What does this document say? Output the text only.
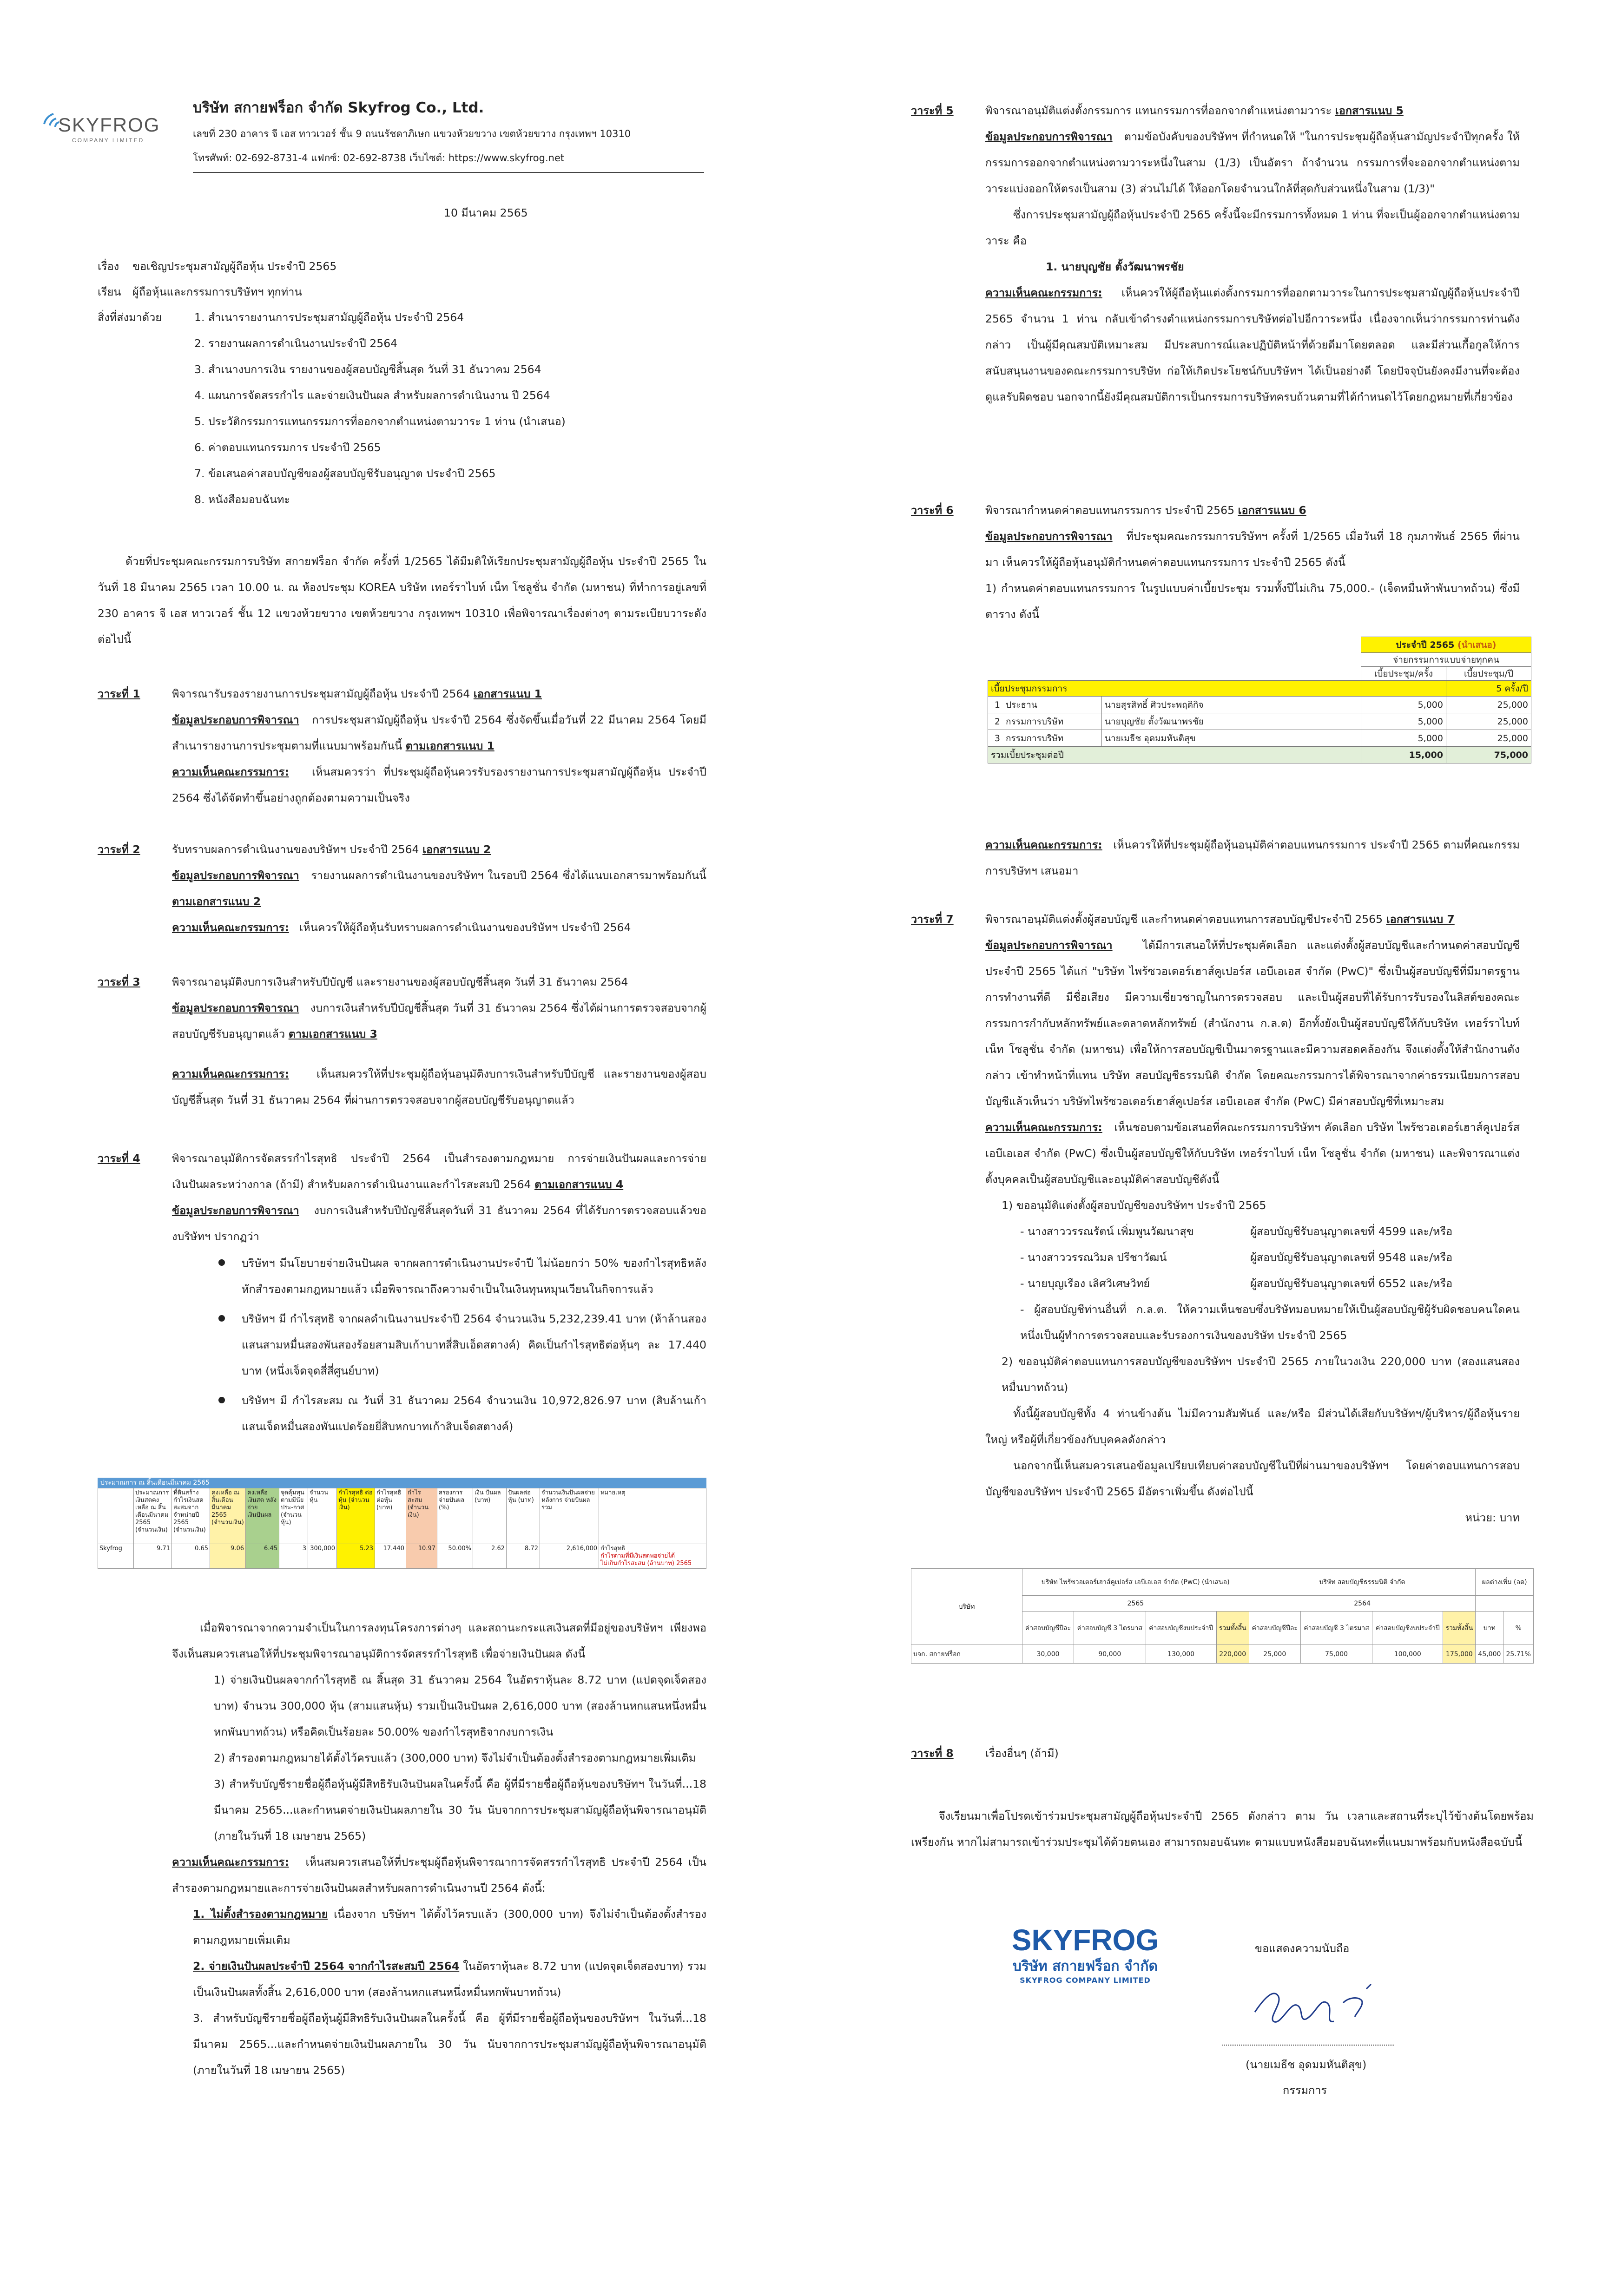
SKYFROG
COMPANY LIMITED
บริษัท สกายฟร็อก จำกัด Skyfrog Co., Ltd.
เลขที่ 230 อาคาร จี เอส ทาวเวอร์ ชั้น 9 ถนนรัชดาภิเษก แขวงห้วยขวาง เขตห้วยขวาง กรุงเทพฯ 10310
โทรศัพท์: 02-692-8731-4 แฟกซ์: 02-692-8738 เว็บไซต์: https://www.skyfrog.net
10 มีนาคม 2565
เรื่อง ขอเชิญประชุมสามัญผู้ถือหุ้น ประจำปี 2565
เรียน ผู้ถือหุ้นและกรรมการบริษัทฯ ทุกท่าน
สิ่งที่ส่งมาด้วย	1. สำเนารายงานการประชุมสามัญผู้ถือหุ้น ประจำปี 2564

2. รายงานผลการดำเนินงานประจำปี 2564

3. สำเนางบการเงิน รายงานของผู้สอบบัญชีสิ้นสุด วันที่ 31 ธันวาคม 2564

4. แผนการจัดสรรกำไร และจ่ายเงินปันผล สำหรับผลการดำเนินงาน ปี 2564

5. ประวัติกรรมการแทนกรรมการที่ออกจากตำแหน่งตามวาระ 1 ท่าน (นำเสนอ)

6. ค่าตอบแทนกรรมการ ประจำปี 2565

7. ข้อเสนอค่าสอบบัญชีของผู้สอบบัญชีรับอนุญาต ประจำปี 2565

8. หนังสือมอบฉันทะ

ด้วยที่ประชุมคณะกรรมการบริษัท สกายฟร็อก จำกัด ครั้งที่ 1/2565 ได้มีมติให้เรียกประชุมสามัญผู้ถือหุ้น ประจำปี 2565 ในวันที่ 18 มีนาคม 2565 เวลา 10.00 น. ณ ห้องประชุม KOREA บริษัท เทอร์ราไบท์ เน็ท โซลูชั่น จำกัด (มหาชน) ที่ทำการอยู่เลขที่ 230 อาคาร จี เอส ทาวเวอร์ ชั้น 12 แขวงห้วยขวาง เขตห้วยขวาง กรุงเทพฯ 10310 เพื่อพิจารณาเรื่องต่างๆ ตามระเบียบวาระดังต่อไปนี้

วาระที่ 1	พิจารณารับรองรายงานการประชุมสามัญผู้ถือหุ้น ประจำปี 2564 เอกสารแนบ 1

ข้อมูลประกอบการพิจารณา การประชุมสามัญผู้ถือหุ้น ประจำปี 2564 ซึ่งจัดขึ้นเมื่อวันที่ 22 มีนาคม 2564 โดยมีสำเนารายงานการประชุมตามที่แนบมาพร้อมกันนี้ ตามเอกสารแนบ 1

ความเห็นคณะกรรมการ: เห็นสมควรว่า ที่ประชุมผู้ถือหุ้นควรรับรองรายงานการประชุมสามัญผู้ถือหุ้น ประจำปี 2564 ซึ่งได้จัดทำขึ้นอย่างถูกต้องตามความเป็นจริง

วาระที่ 2	รับทราบผลการดำเนินงานของบริษัทฯ ประจำปี 2564 เอกสารแนบ 2

ข้อมูลประกอบการพิจารณา รายงานผลการดำเนินงานของบริษัทฯ ในรอบปี 2564 ซึ่งได้แนบเอกสารมาพร้อมกันนี้ ตามเอกสารแนบ 2

ความเห็นคณะกรรมการ: เห็นควรให้ผู้ถือหุ้นรับทราบผลการดำเนินงานของบริษัทฯ ประจำปี 2564

วาระที่ 3	พิจารณาอนุมัติงบการเงินสำหรับปีบัญชี และรายงานของผู้สอบบัญชีสิ้นสุด วันที่ 31 ธันวาคม 2564

ข้อมูลประกอบการพิจารณา งบการเงินสำหรับปีบัญชีสิ้นสุด วันที่ 31 ธันวาคม 2564 ซึ่งได้ผ่านการตรวจสอบจากผู้สอบบัญชีรับอนุญาตแล้ว ตามเอกสารแนบ 3

ความเห็นคณะกรรมการ:	เห็นสมควรให้ที่ประชุมผู้ถือหุ้นอนุมัติงบการเงินสำหรับปีบัญชี และรายงานของผู้สอบบัญชีสิ้นสุด วันที่ 31 ธันวาคม 2564 ที่ผ่านการตรวจสอบจากผู้สอบบัญชีรับอนุญาตแล้ว

วาระที่ 4	พิจารณาอนุมัติการจัดสรรกำไรสุทธิ ประจำปี 2564 เป็นสำรองตามกฎหมาย การจ่ายเงินปันผลและการจ่ายเงินปันผลระหว่างกาล (ถ้ามี) สำหรับผลการดำเนินงานและกำไรสะสมปี 2564 ตามเอกสารแนบ 4

ข้อมูลประกอบการพิจารณา งบการเงินสำหรับปีบัญชีสิ้นสุดวันที่ 31 ธันวาคม 2564 ที่ได้รับการตรวจสอบแล้วของบริษัทฯ ปรากฏว่า

บริษัทฯ มีนโยบายจ่ายเงินปันผล จากผลการดำเนินงานประจำปี ไม่น้อยกว่า 50% ของกำไรสุทธิหลังหักสำรองตามกฎหมายแล้ว เมื่อพิจารณาถึงความจำเป็นในเงินทุนหมุนเวียนในกิจการแล้ว

บริษัทฯ มี กำไรสุทธิ จากผลดำเนินงานประจำปี 2564 จำนวนเงิน 5,232,239.41 บาท (ห้าล้านสองแสนสามหมื่นสองพันสองร้อยสามสิบเก้าบาทสี่สิบเอ็ดสตางค์) คิดเป็นกำไรสุทธิต่อหุ้นๆ ละ 17.440 บาท (หนึ่งเจ็ดจุดสี่สี่ศูนย์บาท)

บริษัทฯ มี กำไรสะสม ณ วันที่ 31 ธันวาคม 2564 จำนวนเงิน 10,972,826.97 บาท (สิบล้านเก้าแสนเจ็ดหมื่นสองพันแปดร้อยยี่สิบหกบาทเก้าสิบเจ็ดสตางค์)

ประมาณการ ณ สิ้นเดือนมีนาคม 2565
	ประมาณการเงินสดคงเหลือ ณ สิ้นเดือนมีนาคม 2565 (จำนวนเงิน)	ที่ดินสร้างกำไรเงินสดสะสมจากจำหน่ายปี 2565 (จำนวนเงิน)	คงเหลือ ณ สิ้นเดือนมีนาคม 2565 (จำนวนเงิน)	คงเหลือเงินสด หลังจ่ายเงินปันผล	จุดคุ้มทุน ตามมีนัย ประ-กาศ (จำนวน หุ้น)	จำนวนหุ้น	กำไรสุทธิ ต่อหุ้น (จำนวนเงิน)	กำไรสุทธิ ต่อหุ้น (บาท)	กำไร สะสม (จำนวนเงิน)	สรองการ จ่ายปันผล (%)	เงิน ปันผล (บาท)	ปันผลต่อ หุ้น (บาท)	จำนวนเงินปันผลจ่ายหลังการ จ่ายปันผลรวม	หมายเหตุ
Skyfrog	9.71	0.65	9.06	6.45	3	300,000	5.23	17.440	10.97	50.00%	2.62	8.72	2,616,000	กำไรสุทธิ
กำไรตามที่มีเงินสดพอจ่ายได้
ไม่เกินกำไรสะสม (ล้านบาท) 2565

เมื่อพิจารณาจากความจำเป็นในการลงทุนโครงการต่างๆ และสถานะกระแสเงินสดที่มีอยู่ของบริษัทฯ เพียงพอจึงเห็นสมควรเสนอให้ที่ประชุมพิจารณาอนุมัติการจัดสรรกำไรสุทธิ เพื่อจ่ายเงินปันผล ดังนี้

1) จ่ายเงินปันผลจากกำไรสุทธิ ณ สิ้นสุด 31 ธันวาคม 2564 ในอัตราหุ้นละ 8.72 บาท (แปดจุดเจ็ดสองบาท) จำนวน 300,000 หุ้น (สามแสนหุ้น) รวมเป็นเงินปันผล 2,616,000 บาท (สองล้านหกแสนหนึ่งหมื่นหกพันบาทถ้วน) หรือคิดเป็นร้อยละ 50.00% ของกำไรสุทธิจากงบการเงิน

2) สำรองตามกฎหมายได้ตั้งไว้ครบแล้ว (300,000 บาท) จึงไม่จำเป็นต้องตั้งสำรองตามกฎหมายเพิ่มเติม

3) สำหรับบัญชีรายชื่อผู้ถือหุ้นผู้มีสิทธิรับเงินปันผลในครั้งนี้ คือ ผู้ที่มีรายชื่อผู้ถือหุ้นของบริษัทฯ ในวันที่...18 มีนาคม 2565...และกำหนดจ่ายเงินปันผลภายใน 30 วัน นับจากการประชุมสามัญผู้ถือหุ้นพิจารณาอนุมัติ (ภายในวันที่ 18 เมษายน 2565)

ความเห็นคณะกรรมการ: เห็นสมควรเสนอให้ที่ประชุมผู้ถือหุ้นพิจารณาการจัดสรรกำไรสุทธิ ประจำปี 2564 เป็นสำรองตามกฎหมายและการจ่ายเงินปันผลสำหรับผลการดำเนินงานปี 2564 ดังนี้:

1. ไม่ตั้งสำรองตามกฎหมาย เนื่องจาก บริษัทฯ ได้ตั้งไว้ครบแล้ว (300,000 บาท) จึงไม่จำเป็นต้องตั้งสำรองตามกฎหมายเพิ่มเติม

2. จ่ายเงินปันผลประจำปี 2564 จากกำไรสะสมปี 2564 ในอัตราหุ้นละ 8.72 บาท (แปดจุดเจ็ดสองบาท) รวมเป็นเงินปันผลทั้งสิ้น 2,616,000 บาท (สองล้านหกแสนหนึ่งหมื่นหกพันบาทถ้วน)

3. สำหรับบัญชีรายชื่อผู้ถือหุ้นผู้มีสิทธิรับเงินปันผลในครั้งนี้ คือ ผู้ที่มีรายชื่อผู้ถือหุ้นของบริษัทฯ ในวันที่...18 มีนาคม 2565...และกำหนดจ่ายเงินปันผลภายใน 30 วัน นับจากการประชุมสามัญผู้ถือหุ้นพิจารณาอนุมัติ (ภายในวันที่ 18 เมษายน 2565)

วาระที่ 5	พิจารณาอนุมัติแต่งตั้งกรรมการ แทนกรรมการที่ออกจากตำแหน่งตามวาระ เอกสารแนบ 5

ข้อมูลประกอบการพิจารณา ตามข้อบังคับของบริษัทฯ ที่กำหนดให้ "ในการประชุมผู้ถือหุ้นสามัญประจำปีทุกครั้ง ให้กรรมการออกจากตำแหน่งตามวาระหนึ่งในสาม (1/3) เป็นอัตรา ถ้าจำนวน กรรมการที่จะออกจากตำแหน่งตามวาระแบ่งออกให้ตรงเป็นสาม (3) ส่วนไม่ได้ ให้ออกโดยจำนวนใกล้ที่สุดกับส่วนหนึ่งในสาม (1/3)"

ซึ่งการประชุมสามัญผู้ถือหุ้นประจำปี 2565 ครั้งนี้จะมีกรรมการทั้งหมด 1 ท่าน ที่จะเป็นผู้ออกจากตำแหน่งตามวาระ คือ

1. นายบุญชัย ตั้งวัฒนาพรชัย

ความเห็นคณะกรรมการ: เห็นควรให้ผู้ถือหุ้นแต่งตั้งกรรมการที่ออกตามวาระในการประชุมสามัญผู้ถือหุ้นประจำปี 2565 จำนวน 1 ท่าน กลับเข้าดำรงตำแหน่งกรรมการบริษัทต่อไปอีกวาระหนึ่ง เนื่องจากเห็นว่ากรรมการท่านดังกล่าว เป็นผู้มีคุณสมบัติเหมาะสม มีประสบการณ์และปฏิบัติหน้าที่ด้วยดีมาโดยตลอด และมีส่วนเกื้อกูลให้การสนับสนุนงานของคณะกรรมการบริษัท ก่อให้เกิดประโยชน์กับบริษัทฯ ได้เป็นอย่างดี โดยปัจจุบันยังคงมีงานที่จะต้องดูแลรับผิดชอบ นอกจากนี้ยังมีคุณสมบัติการเป็นกรรมการบริษัทครบถ้วนตามที่ได้กำหนดไว้โดยกฎหมายที่เกี่ยวข้อง

วาระที่ 6	พิจารณากำหนดค่าตอบแทนกรรมการ ประจำปี 2565 เอกสารแนบ 6

ข้อมูลประกอบการพิจารณา ที่ประชุมคณะกรรมการบริษัทฯ ครั้งที่ 1/2565 เมื่อวันที่ 18 กุมภาพันธ์ 2565 ที่ผ่านมา เห็นควรให้ผู้ถือหุ้นอนุมัติกำหนดค่าตอบแทนกรรมการ ประจำปี 2565 ดังนี้

1) กำหนดค่าตอบแทนกรรมการ ในรูปแบบค่าเบี้ยประชุม รวมทั้งปีไม่เกิน 75,000.- (เจ็ดหมื่นห้าพันบาทถ้วน) ซึ่งมีตาราง ดังนี้

			ประจำปี 2565 (นำเสนอ)	
			จ่ายกรรมการแบบจ่ายทุกคน	
			เบี้ยประชุม/ครั้ง	เบี้ยประชุม/ปี
เบี้ยประชุมกรรมการ				5 ครั้ง/ปี
1	ประธาน	นายสุรสิทธิ์ ศิวประพฤติกิจ	5,000	25,000
2	กรรมการบริษัท	นายบุญชัย ตั้งวัฒนาพรชัย	5,000	25,000
3	กรรมการบริษัท	นายเมธีช อุดมมหันติสุข	5,000	25,000
รวมเบี้ยประชุมต่อปี			15,000	75,000

ความเห็นคณะกรรมการ: เห็นควรให้ที่ประชุมผู้ถือหุ้นอนุมัติค่าตอบแทนกรรมการ ประจำปี 2565 ตามที่คณะกรรมการบริษัทฯ เสนอมา

วาระที่ 7	พิจารณาอนุมัติแต่งตั้งผู้สอบบัญชี และกำหนดค่าตอบแทนการสอบบัญชีประจำปี 2565 เอกสารแนบ 7

ข้อมูลประกอบการพิจารณา	ได้มีการเสนอให้ที่ประชุมคัดเลือก และแต่งตั้งผู้สอบบัญชีและกำหนดค่าสอบบัญชี ประจำปี 2565 ได้แก่ "บริษัท ไพร้ซวอเตอร์เฮาส์คูเปอร์ส เอบีเอเอส จำกัด (PwC)" ซึ่งเป็นผู้สอบบัญชีที่มีมาตรฐานการทำงานที่ดี มีชื่อเสียง มีความเชี่ยวชาญในการตรวจสอบ และเป็นผู้สอบที่ได้รับการรับรองในลิสต์ของคณะกรรมการกำกับหลักทรัพย์และตลาดหลักทรัพย์ (สำนักงาน ก.ล.ต) อีกทั้งยังเป็นผู้สอบบัญชีให้กับบริษัท เทอร์ราไบท์ เน็ท โซลูชั่น จำกัด (มหาชน) เพื่อให้การสอบบัญชีเป็นมาตรฐานและมีความสอดคล้องกัน จึงแต่งตั้งให้สำนักงานดังกล่าว เข้าทำหน้าที่แทน บริษัท สอบบัญชีธรรมนิติ จำกัด โดยคณะกรรมการได้พิจารณาจากค่าธรรมเนียมการสอบบัญชีแล้วเห็นว่า บริษัทไพร้ซวอเตอร์เฮาส์คูเปอร์ส เอบีเอเอส จำกัด (PwC) มีค่าสอบบัญชีที่เหมาะสม

ความเห็นคณะกรรมการ: เห็นชอบตามข้อเสนอที่คณะกรรมการบริษัทฯ คัดเลือก บริษัท ไพร้ซวอเตอร์เฮาส์คูเปอร์ส เอบีเอเอส จำกัด (PwC) ซึ่งเป็นผู้สอบบัญชีให้กับบริษัท เทอร์ราไบท์ เน็ท โซลูชั่น จำกัด (มหาชน) และพิจารณาแต่งตั้งบุคคลเป็นผู้สอบบัญชีและอนุมัติค่าสอบบัญชีดังนี้

1) ขออนุมัติแต่งตั้งผู้สอบบัญชีของบริษัทฯ ประจำปี 2565

- นางสาววรรณรัตน์ เพิ่มพูนวัฒนาสุข	ผู้สอบบัญชีรับอนุญาตเลขที่ 4599 และ/หรือ

- นางสาววรรณวิมล ปรีชาวัฒน์	ผู้สอบบัญชีรับอนุญาตเลขที่ 9548 และ/หรือ

- นายบุญเรือง เลิศวิเศษวิทย์	ผู้สอบบัญชีรับอนุญาตเลขที่ 6552 และ/หรือ

- ผู้สอบบัญชีท่านอื่นที่ ก.ล.ต. ให้ความเห็นชอบซึ่งบริษัทมอบหมายให้เป็นผู้สอบบัญชีผู้รับผิดชอบคนใดคนหนึ่งเป็นผู้ทำการตรวจสอบและรับรองการเงินของบริษัท ประจำปี 2565

2) ขออนุมัติค่าตอบแทนการสอบบัญชีของบริษัทฯ ประจำปี 2565 ภายในวงเงิน 220,000 บาท (สองแสนสองหมื่นบาทถ้วน)

ทั้งนี้ผู้สอบบัญชีทั้ง 4 ท่านข้างต้น ไม่มีความสัมพันธ์ และ/หรือ มีส่วนได้เสียกับบริษัทฯ/ผู้บริหาร/ผู้ถือหุ้นรายใหญ่ หรือผู้ที่เกี่ยวข้องกับบุคคลดังกล่าว

นอกจากนี้เห็นสมควรเสนอข้อมูลเปรียบเทียบค่าสอบบัญชีในปีที่ผ่านมาของบริษัทฯ โดยค่าตอบแทนการสอบบัญชีของบริษัทฯ ประจำปี 2565 มีอัตราเพิ่มขึ้น ดังต่อไปนี้

หน่วย: บาท

บริษัท	บริษัท ไพร้ซวอเตอร์เฮาส์คูเปอร์ส เอบีเอเอส จำกัด (PwC) (นำเสนอ)				บริษัท สอบบัญชีธรรมนิติ จำกัด				ผลต่างเพิ่ม (ลด)	
	2565				2564					
	ค่าสอบบัญชีปีละ	ค่าสอบบัญชี 3 ไตรมาส	ค่าสอบบัญชีงบประจำปี	รวมทั้งสิ้น	ค่าสอบบัญชีปีละ	ค่าสอบบัญชี 3 ไตรมาส	ค่าสอบบัญชีงบประจำปี	รวมทั้งสิ้น	บาท	%
บจก. สกายฟร็อก	30,000	90,000	130,000	220,000	25,000	75,000	100,000	175,000	45,000	25.71%
วาระที่ 8	เรื่องอื่นๆ (ถ้ามี)

จึงเรียนมาเพื่อโปรดเข้าร่วมประชุมสามัญผู้ถือหุ้นประจำปี 2565 ดังกล่าว ตาม วัน เวลาและสถานที่ระบุไว้ข้างต้นโดยพร้อมเพรียงกัน หากไม่สามารถเข้าร่วมประชุมได้ด้วยตนเอง สามารถมอบฉันทะ ตามแบบหนังสือมอบฉันทะที่แนบมาพร้อมกับหนังสือฉบับนี้

SKYFROG
บริษัท สกายฟร็อก จำกัด
SKYFROG COMPANY LIMITED
ขอแสดงความนับถือ
(นายเมธีช อุดมมหันติสุข)
กรรมการ
